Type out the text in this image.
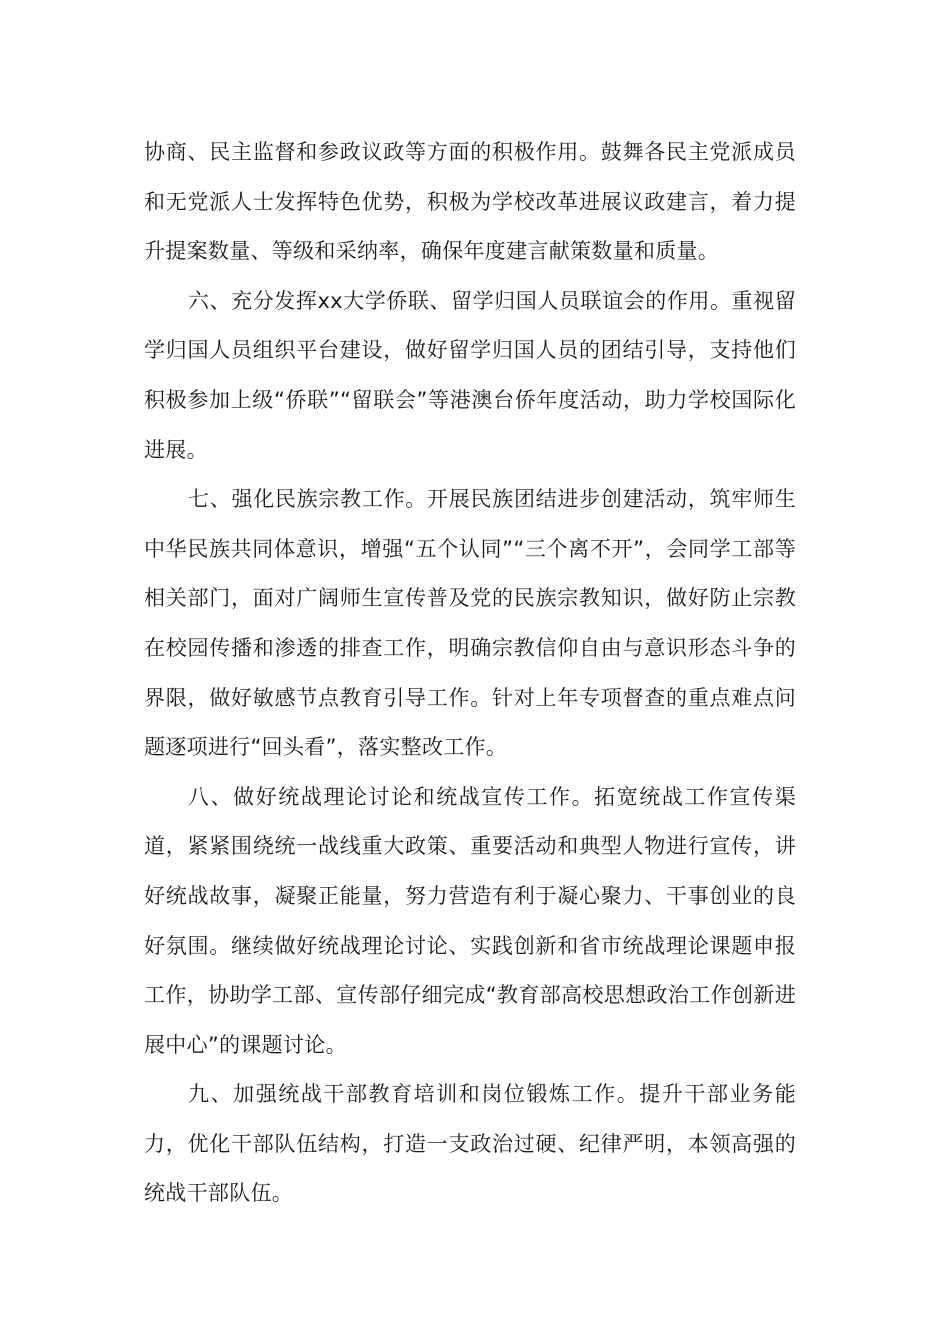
协商、民主监督和参政议政等方面的积极作用。鼓舞各民主党派成员和无党派人士发挥特色优势，积极为学校改革进展议政建言，着力提升提案数量、等级和采纳率，确保年度建言献策数量和质量。

六、充分发挥xx大学侨联、留学归国人员联谊会的作用。重视留学归国人员组织平台建设，做好留学归国人员的团结引导，支持他们积极参加上级“侨联”“留联会”等港澳台侨年度活动，助力学校国际化进展。

七、强化民族宗教工作。开展民族团结进步创建活动，筑牢师生中华民族共同体意识，增强“五个认同”“三个离不开”，会同学工部等相关部门，面对广阔师生宣传普及党的民族宗教知识，做好防止宗教在校园传播和渗透的排查工作，明确宗教信仰自由与意识形态斗争的界限，做好敏感节点教育引导工作。针对上年专项督查的重点难点问题逐项进行“回头看”，落实整改工作。

八、做好统战理论讨论和统战宣传工作。拓宽统战工作宣传渠道，紧紧围绕统一战线重大政策、重要活动和典型人物进行宣传，讲好统战故事，凝聚正能量，努力营造有利于凝心聚力、干事创业的良好氛围。继续做好统战理论讨论、实践创新和省市统战理论课题申报工作，协助学工部、宣传部仔细完成“教育部高校思想政治工作创新进展中心”的课题讨论。

九、加强统战干部教育培训和岗位锻炼工作。提升干部业务能力，优化干部队伍结构，打造一支政治过硬、纪律严明，本领高强的统战干部队伍。
